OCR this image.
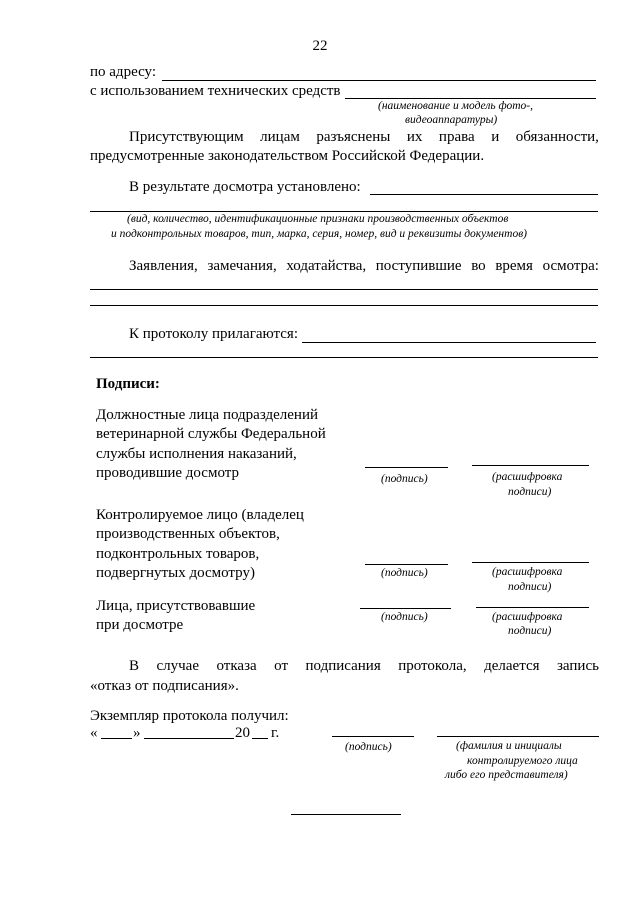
22
по адресу:
с использованием технических средств
(наименование и модель фото-,
видеоаппаратуры)
Присутствующим лицам разъяснены их права и обязанности,
предусмотренные законодательством Российской Федерации.
В результате досмотра установлено:
(вид, количество, идентификационные признаки производственных объектов
и подконтрольных товаров, тип, марка, серия, номер, вид и реквизиты документов)
Заявления, замечания, ходатайства, поступившие во время осмотра:
К протоколу прилагаются:
Подписи:
Должностные лица подразделений
ветеринарной службы Федеральной
службы исполнения наказаний,
проводившие досмотр	(подпись)	(расшифровка
подписи)
Контролируемое лицо (владелец
производственных объектов,
подконтрольных товаров,
подвергнутых досмотру)	(подпись)	(расшифровка
подписи)
Лица, присутствовавшие
при досмотре
(подпись)	(расшифровка
подписи)
В случае отказа от подписания протокола, делается запись
«отказ от подписания».
Экземпляр протокола получил:
« »	20 г.
(подпись)	(фамилия и инициалы
контролируемого лица
либо его представителя)
